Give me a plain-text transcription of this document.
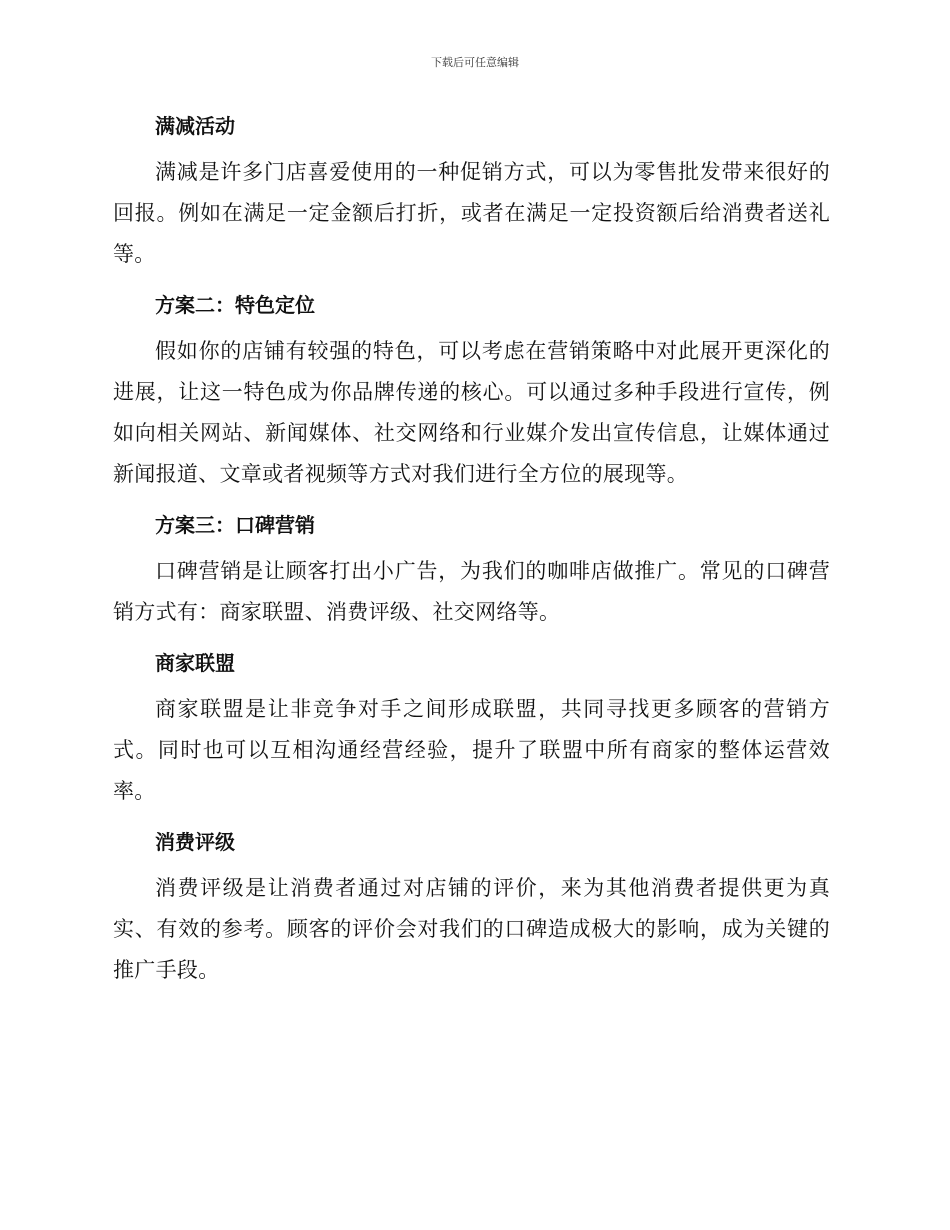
下载后可任意编辑
满减活动

满减是许多门店喜爱使用的一种促销方式，可以为零售批发带来很好的回报。例如在满足一定金额后打折，或者在满足一定投资额后给消费者送礼等。

方案二：特色定位

假如你的店铺有较强的特色，可以考虑在营销策略中对此展开更深化的进展，让这一特色成为你品牌传递的核心。可以通过多种手段进行宣传，例如向相关网站、新闻媒体、社交网络和行业媒介发出宣传信息，让媒体通过新闻报道、文章或者视频等方式对我们进行全方位的展现等。

方案三：口碑营销

口碑营销是让顾客打出小广告，为我们的咖啡店做推广。常见的口碑营销方式有：商家联盟、消费评级、社交网络等。

商家联盟

商家联盟是让非竞争对手之间形成联盟，共同寻找更多顾客的营销方式。同时也可以互相沟通经营经验，提升了联盟中所有商家的整体运营效率。

消费评级

消费评级是让消费者通过对店铺的评价，来为其他消费者提供更为真实、有效的参考。顾客的评价会对我们的口碑造成极大的影响，成为关键的推广手段。
